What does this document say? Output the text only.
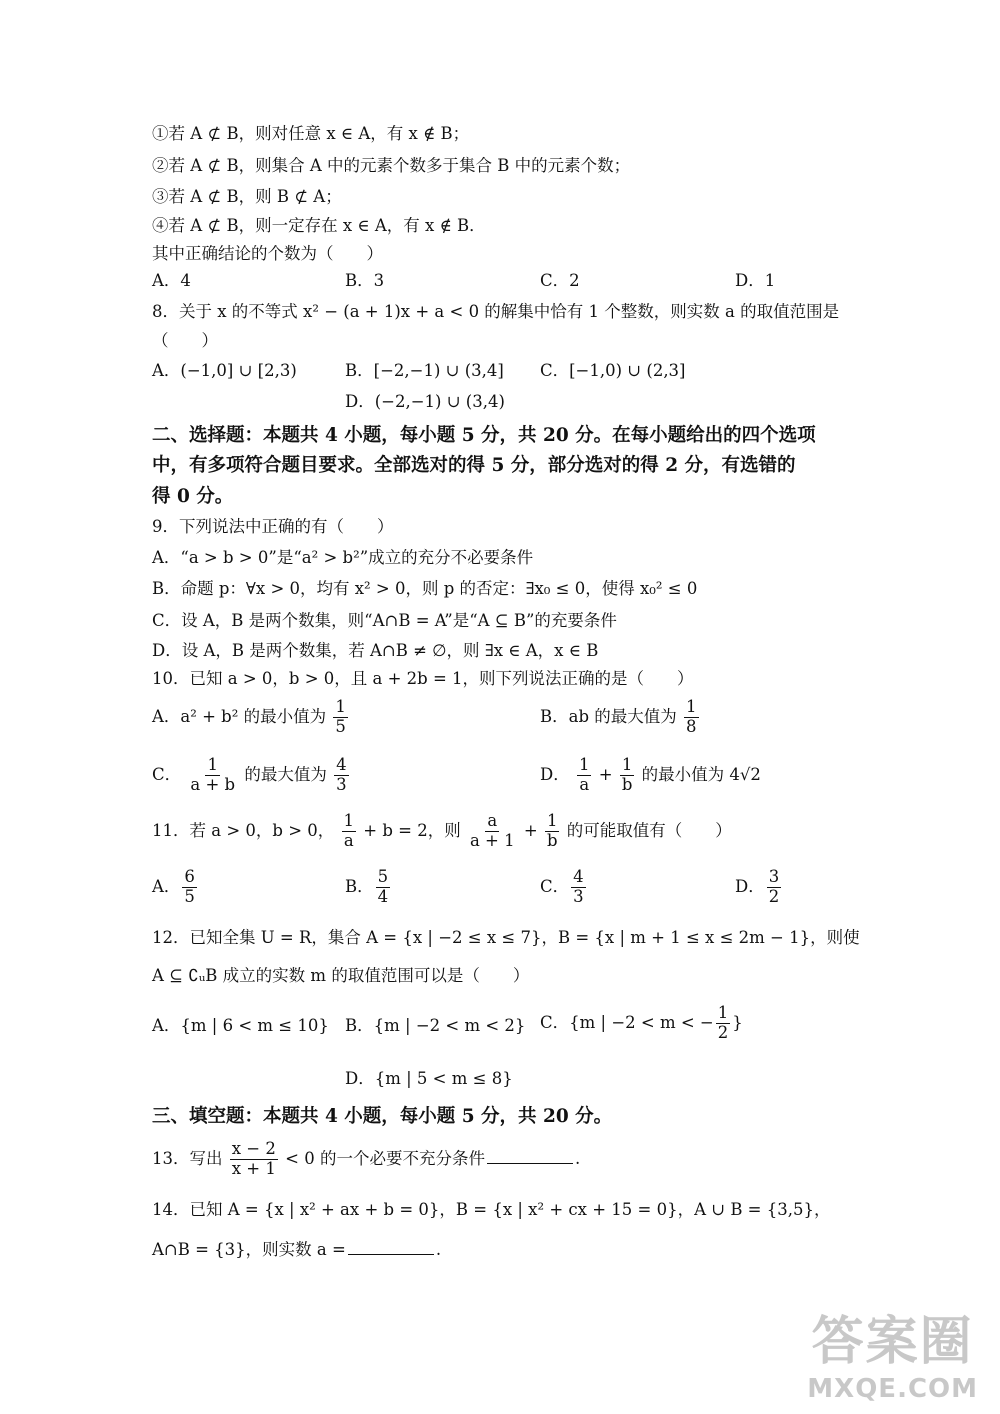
①若 A ⊄ B，则对任意 x ∈ A，有 x ∉ B；
②若 A ⊄ B，则集合 A 中的元素个数多于集合 B 中的元素个数；
③若 A ⊄ B，则 B ⊄ A；
④若 A ⊄ B，则一定存在 x ∈ A，有 x ∉ B．
其中正确结论的个数为（　　）
A．4	B．3	C．2	D．1
8．关于 x 的不等式 x² − (a + 1)x + a < 0 的解集中恰有 1 个整数，则实数 a 的取值范围是
（　　）
A．(−1,0] ∪ [2,3)	B．[−2,−1) ∪ (3,4] C．[−1,0) ∪ (2,3]
D．(−2,−1) ∪ (3,4)
二、选择题：本题共 4 小题，每小题 5 分，共 20 分。在每小题给出的四个选项
中，有多项符合题目要求。全部选对的得 5 分，部分选对的得 2 分，有选错的
得 0 分。
9．下列说法中正确的有（　　）
A．“a > b > 0”是“a² > b²”成立的充分不必要条件
B．命题 p：∀x > 0，均有 x² > 0，则 p 的否定：∃x₀ ≤ 0，使得 x₀² ≤ 0
C．设 A，B 是两个数集，则“A∩B = A”是“A ⊆ B”的充要条件
D．设 A，B 是两个数集，若 A∩B ≠ ∅，则 ∃x ∈ A，x ∈ B
10．已知 a > 0，b > 0，且 a + 2b = 1，则下列说法正确的是（　　）
A．a² + b² 的最小值为 $\frac{1}{5}$	B．ab 的最大值为 $\frac{1}{8}$
C． $\frac{1}{a + b}$ 的最大值为 $\frac{4}{3}$	D． $\frac{1}{a} + \frac{1}{b}$ 的最小值为 4√2
11．若 a > 0，b > 0， $\frac{1}{a} + b = 2$，则 $\frac{a}{a + 1} + \frac{1}{b}$ 的可能取值有（　　）
A． $\frac{6}{5}$	B． $\frac{5}{4}$	C． $\frac{4}{3}$	D． $\frac{3}{2}$
12．已知全集 U = R，集合 A = {x | −2 ≤ x ≤ 7}，B = {x | m + 1 ≤ x ≤ 2m − 1}，则使
A ⊆ ∁ᵤB 成立的实数 m 的取值范围可以是（　　）
A．{m | 6 < m ≤ 10} B．{m | −2 < m < 2} C．{m | −2 < m < − $\frac{1}{2}$ }
D．{m | 5 < m ≤ 8}
三、填空题：本题共 4 小题，每小题 5 分，共 20 分。
13．写出 $\frac{x - 2}{x + 1} < 0$ 的一个必要不充分条件	.
14．已知 A = {x | x² + ax + b = 0}，B = {x | x² + cx + 15 = 0}，A ∪ B = {3,5}，
A∩B = {3}，则实数 a =	.
答案圈
MXQE.COM
